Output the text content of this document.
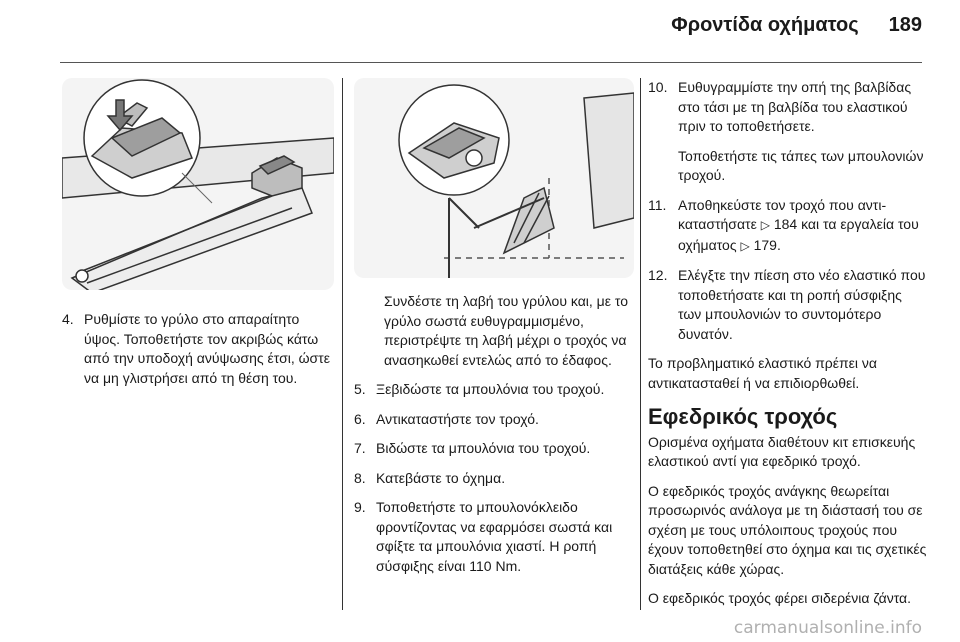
Φροντίδα οχήματος 189
4. Ρυθμίστε το γρύλο στο απαραίτητο ύψος. Τοποθετήστε τον ακριβώς κάτω από την υποδοχή ανύψωσης έτσι, ώστε να μη γλιστρήσει από τη θέση του.

Συνδέστε τη λαβή του γρύλου και, με το γρύλο σωστά ευθυγραμμισμένο, περιστρέψτε τη λαβή μέχρι ο τροχός να ανασηκωθεί εντελώς από το έδαφος.

5. Ξεβιδώστε τα μπουλόνια του τροχού.
6. Αντικαταστήστε τον τροχό.
7. Βιδώστε τα μπουλόνια του τροχού.
8. Κατεβάστε το όχημα.
9. Τοποθετήστε το μπουλονόκλειδο φροντίζοντας να εφαρμόσει σωστά και σφίξτε τα μπουλόνια χιαστί. Η ροπή σύσφιξης είναι 110 Nm.
10. Ευθυγραμμίστε την οπή της βαλβίδας στο τάσι με τη βαλβίδα του ελαστικού πριν το τοποθετήσετε.

Τοποθετήστε τις τάπες των μπουλονιών τροχού.

11. Αποθηκεύστε τον τροχό που αντικαταστήσατε ▷ 184 και τα εργαλεία του οχήματος ▷ 179.
12. Ελέγξτε την πίεση στο νέο ελαστικό που τοποθετήσατε και τη ροπή σύσφιξης των μπουλονιών το συντομότερο δυνατόν.

Το προβληματικό ελαστικό πρέπει να αντικατασταθεί ή να επιδιορθωθεί.

Εφεδρικός τροχός

Ορισμένα οχήματα διαθέτουν κιτ επισκευής ελαστικού αντί για εφεδρικό τροχό.

Ο εφεδρικός τροχός ανάγκης θεωρείται προσωρινός ανάλογα με τη διάστασή του σε σχέση με τους υπόλοιπους τροχούς που έχουν τοποθετηθεί στο όχημα και τις σχετικές διατάξεις κάθε χώρας.

Ο εφεδρικός τροχός φέρει σιδερένια ζάντα.

carmanualsonline.info
